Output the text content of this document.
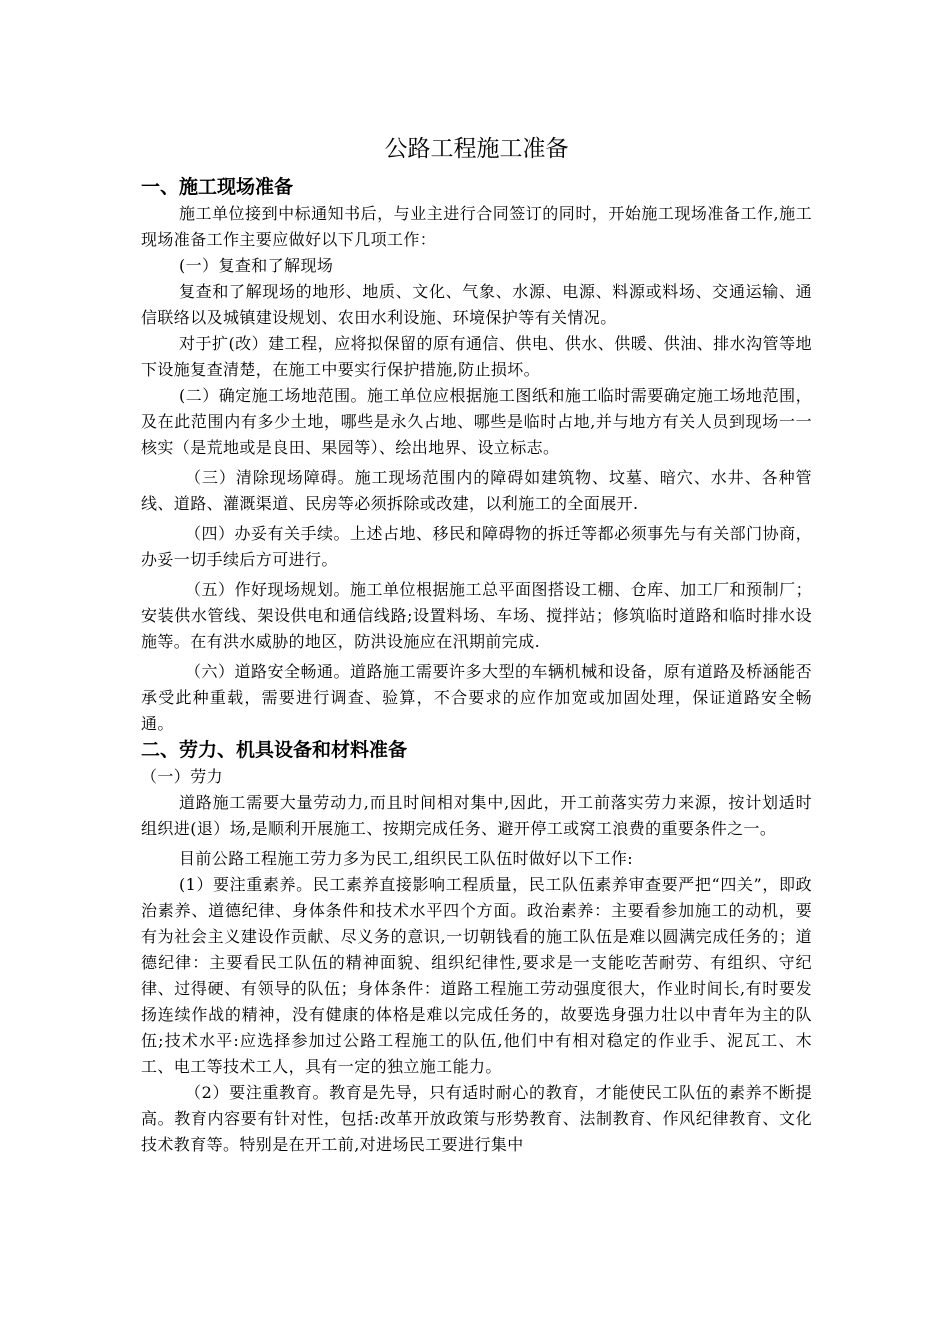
公路工程施工准备
一、施工现场准备

施工单位接到中标通知书后，与业主进行合同签订的同时，开始施工现场准备工作,施工现场准备工作主要应做好以下几项工作：

(一）复查和了解现场

复查和了解现场的地形、地质、文化、气象、水源、电源、料源或料场、交通运输、通信联络以及城镇建设规划、农田水利设施、环境保护等有关情况。

对于扩(改）建工程，应将拟保留的原有通信、供电、供水、供暖、供油、排水沟管等地下设施复查清楚，在施工中要实行保护措施,防止损坏。

(二）确定施工场地范围。施工单位应根据施工图纸和施工临时需要确定施工场地范围，及在此范围内有多少土地，哪些是永久占地、哪些是临时占地,并与地方有关人员到现场一一核实（是荒地或是良田、果园等）、绘出地界、设立标志。

（三）清除现场障碍。施工现场范围内的障碍如建筑物、坟墓、暗穴、水井、各种管线、道路、灌溉渠道、民房等必须拆除或改建，以利施工的全面展开.

（四）办妥有关手续。上述占地、移民和障碍物的拆迁等都必须事先与有关部门协商，办妥一切手续后方可进行。

（五）作好现场规划。施工单位根据施工总平面图搭设工棚、仓库、加工厂和预制厂；安装供水管线、架设供电和通信线路;设置料场、车场、搅拌站；修筑临时道路和临时排水设施等。在有洪水威胁的地区，防洪设施应在汛期前完成.

（六）道路安全畅通。道路施工需要许多大型的车辆机械和设备，原有道路及桥涵能否承受此种重载，需要进行调查、验算，不合要求的应作加宽或加固处理，保证道路安全畅通。

二、劳力、机具设备和材料准备

（一）劳力

道路施工需要大量劳动力,而且时间相对集中,因此，开工前落实劳力来源，按计划适时组织进(退）场,是顺利开展施工、按期完成任务、避开停工或窝工浪费的重要条件之一。

目前公路工程施工劳力多为民工,组织民工队伍时做好以下工作:

(1）要注重素养。民工素养直接影响工程质量，民工队伍素养审查要严把“四关”，即政治素养、道德纪律、身体条件和技术水平四个方面。政治素养：主要看参加施工的动机，要有为社会主义建设作贡献、尽义务的意识,一切朝钱看的施工队伍是难以圆满完成任务的；道德纪律：主要看民工队伍的精神面貌、组织纪律性,要求是一支能吃苦耐劳、有组织、守纪律、过得硬、有领导的队伍；身体条件：道路工程施工劳动强度很大，作业时间长,有时要发扬连续作战的精神，没有健康的体格是难以完成任务的，故要选身强力壮以中青年为主的队伍;技术水平:应选择参加过公路工程施工的队伍,他们中有相对稳定的作业手、泥瓦工、木工、电工等技术工人，具有一定的独立施工能力。

（2）要注重教育。教育是先导，只有适时耐心的教育，才能使民工队伍的素养不断提高。教育内容要有针对性，包括:改革开放政策与形势教育、法制教育、作风纪律教育、文化技术教育等。特别是在开工前,对进场民工要进行集中
